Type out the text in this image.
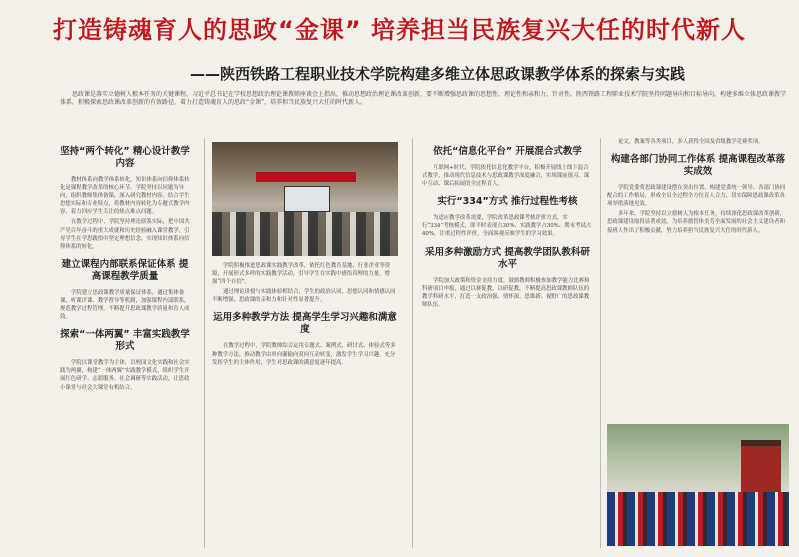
打造铸魂育人的思政“金课” 培养担当民族复兴大任的时代新人
——陕西铁路工程职业技术学院构建多维立体思政课教学体系的探索与实践
思政课是落实立德树人根本任务的关键课程。习近平总书记在学校思想政治理论课教师座谈会上指出，推动思想政治理论课改革创新，要不断增强思政课的思想性、理论性和亲和力、针对性。陕西铁路工程职业技术学院坚持问题导向和目标导向，构建多维立体思政课教学体系，积极探索思政课改革创新的有效路径，着力打造铸魂育人的思政“金课”，培养担当民族复兴大任的时代新人。
坚持“两个转化” 精心设计教学内容

教材体系向教学体系转化，知识体系向信仰体系转化是课程教学改革的核心环节。学院坚持以问题为导向，组织教师集体备课，深入研究教材内容，结合学生思想实际和专业特点，将教材内容转化为专题式教学内容，着力回应学生关注的热点难点问题。

在教学过程中，学院坚持理论联系实际，把中国共产党百年奋斗的重大成就和历史经验融入课堂教学，引导学生在学思践悟中坚定理想信念，实现知识体系向信仰体系的转化。

建立课程内部联系保证体系 提高课程教学质量

学院建立思政课教学质量保证体系，通过集体备课、听课评课、教学督导等机制，加强课程内部联系，规范教学过程管理，不断提升思政课教学质量和育人成效。

探索“一体两翼” 丰富实践教学形式

学院以课堂教学为主体，以校园文化实践和社会实践为两翼，构建“一体两翼”实践教学模式，组织学生开展红色研学、志愿服务、社会调研等实践活动，让思政小课堂与社会大课堂有机结合。

学院积极推进思政课实践教学改革，依托红色教育基地、行业企业等资源，开展形式多样的实践教学活动，引导学生在实践中感悟真理的力量，增强“四个自信”。

通过理论讲授与实践体验相结合，学生的政治认同、思想认同和情感认同不断增强，思政课的亲和力和针对性显著提升。

运用多种教学方法 提高学生学习兴趣和满意度

在教学过程中，学院教师综合运用专题式、案例式、研讨式、体验式等多种教学方法，推动教学由单向灌输向双向互动转变，激发学生学习兴趣，充分发挥学生的主体作用，学生对思政课的满意度逐年提高。

依托“信息化平台” 开展混合式教学

互联网+时代，学院依托信息化教学平台，积极开展线上线下混合式教学，推动现代信息技术与思政课教学深度融合，实现课前预习、课中互动、课后拓展的全过程育人。

实行“334”方式 推行过程性考核

为适应教学改革需要，学院改革思政课考核评价方式，实行“334”考核模式，即平时表现占30%、实践教学占30%、期末考试占40%，注重过程性评价，全面客观反映学生的学习效果。

采用多种激励方式 提高教学团队教科研水平

学院加大政策和资金支持力度，鼓励教师积极参加教学能力比赛和科研项目申报，通过以赛促教、以研促教，不断提高思政课教师队伍的教学科研水平，打造一支政治强、情怀深、思维新、视野广的思政课教师队伍。

论文，教案等各类项目，多人获得全国及省级教学竞赛奖项。

构建各部门协同工作体系 提高课程改革落实成效

学院党委将思政课建设摆在突出位置，构建党委统一领导、各部门协同配合的工作格局，形成全员全过程全方位育人合力，切实保障思政课改革各项举措落地见效。

多年来，学院坚持以立德树人为根本任务，持续深化思政课改革创新，思政课建设取得显著成效，为培养德智体美劳全面发展的社会主义建设者和接班人作出了积极贡献，努力培养担当民族复兴大任的时代新人。
